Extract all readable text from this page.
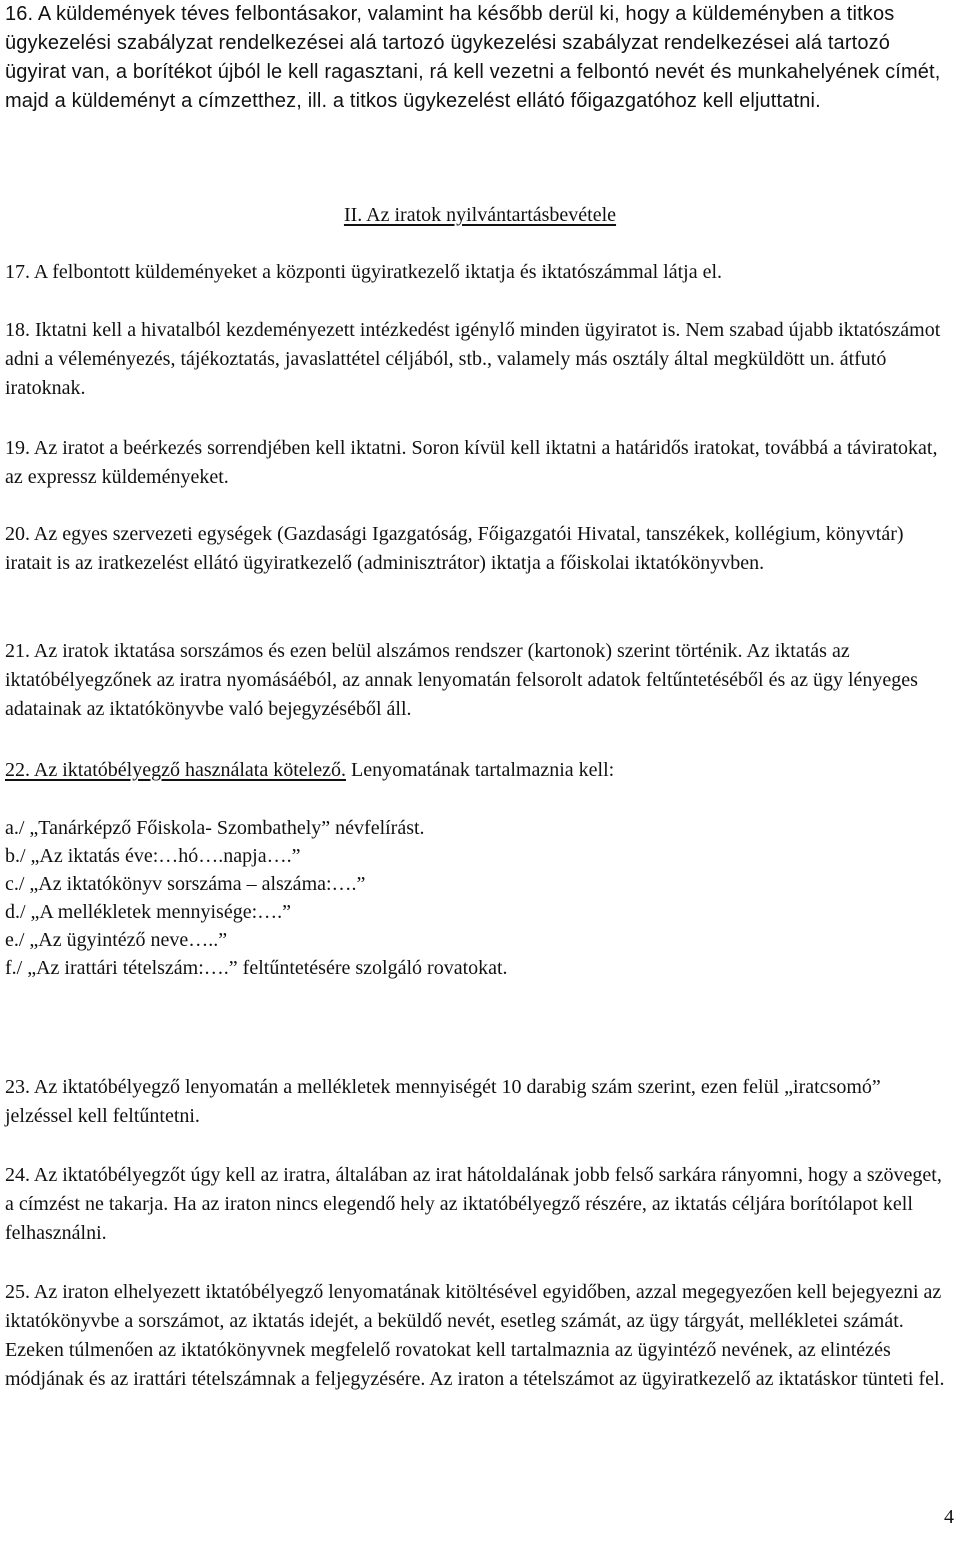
16. A küldemények téves felbontásakor, valamint ha később derül ki, hogy a küldeményben a titkos ügykezelési szabályzat rendelkezései alá tartozó ügykezelési szabályzat rendelkezései alá tartozó ügyirat van, a borítékot újból le kell ragasztani, rá kell vezetni a felbontó nevét és munkahelyének címét, majd a küldeményt a címzetthez, ill. a titkos ügykezelést ellátó főigazgatóhoz kell eljuttatni.

II. Az iratok nyilvántartásbevétele

17. A felbontott küldeményeket a központi ügyiratkezelő iktatja és iktatószámmal látja el.

18. Iktatni kell a hivatalból kezdeményezett intézkedést igénylő minden ügyiratot is. Nem szabad újabb iktatószámot adni a véleményezés, tájékoztatás, javaslattétel céljából, stb., valamely más osztály által megküldött un. átfutó iratoknak.

19. Az iratot a beérkezés sorrendjében kell iktatni. Soron kívül kell iktatni a határidős iratokat, továbbá a táviratokat, az expressz küldeményeket.

20. Az egyes szervezeti egységek (Gazdasági Igazgatóság, Főigazgatói Hivatal, tanszékek, kollégium, könyvtár) iratait is az iratkezelést ellátó ügyiratkezelő (adminisztrátor) iktatja a főiskolai iktatókönyvben.

21. Az iratok iktatása sorszámos és ezen belül alszámos rendszer (kartonok) szerint történik. Az iktatás az iktatóbélyegzőnek az iratra nyomásáéból, az annak lenyomatán felsorolt adatok feltűntetéséből és az ügy lényeges adatainak az iktatókönyvbe való bejegyzéséből áll.

22. Az iktatóbélyegző használata kötelező. Lenyomatának tartalmaznia kell:

a./ „Tanárképző Főiskola- Szombathely” névfelírást.
b./ „Az iktatás éve:…hó….napja….”
c./ „Az iktatókönyv sorszáma – alszáma:….”
d./ „A mellékletek mennyisége:….”
e./ „Az ügyintéző neve…..”
f./ „Az irattári tételszám:….” feltűntetésére szolgáló rovatokat.

23. Az iktatóbélyegző lenyomatán a mellékletek mennyiségét 10 darabig szám szerint, ezen felül „iratcsomó” jelzéssel kell feltűntetni.

24. Az iktatóbélyegzőt úgy kell az iratra, általában az irat hátoldalának jobb felső sarkára rányomni, hogy a szöveget, a címzést ne takarja. Ha az iraton nincs elegendő hely az iktatóbélyegző részére, az iktatás céljára borítólapot kell felhasználni.

25. Az iraton elhelyezett iktatóbélyegző lenyomatának kitöltésével egyidőben, azzal megegyezően kell bejegyezni az iktatókönyvbe a sorszámot, az iktatás idejét, a beküldő nevét, esetleg számát, az ügy tárgyát, mellékletei számát. Ezeken túlmenően az iktatókönyvnek megfelelő rovatokat kell tartalmaznia az ügyintéző nevének, az elintézés módjának és az irattári tételszámnak a feljegyzésére. Az iraton a tételszámot az ügyiratkezelő az iktatáskor tünteti fel.

4
